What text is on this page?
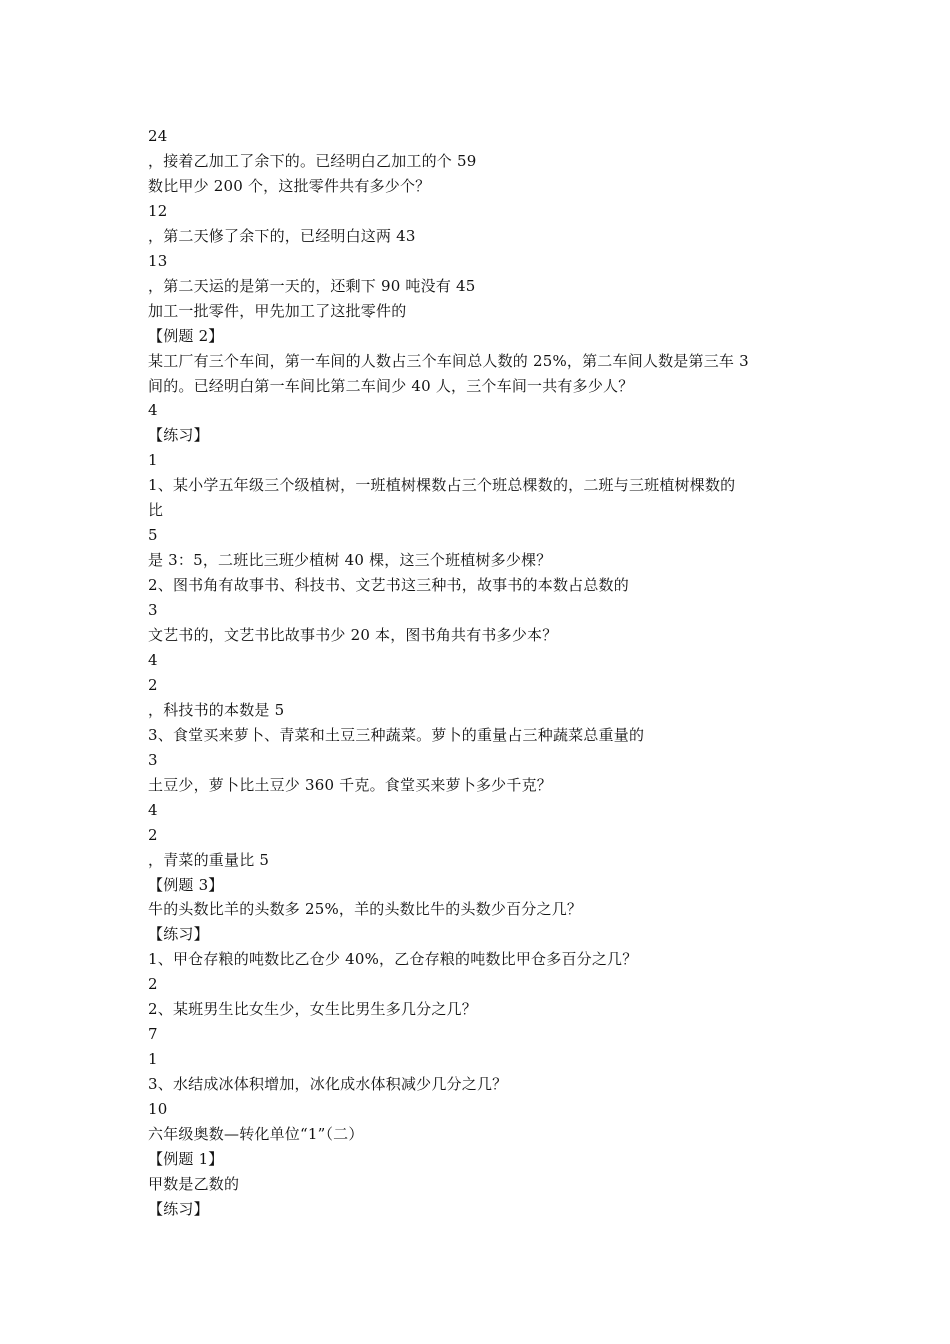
24
，接着乙加工了余下的。已经明白乙加工的个 59
数比甲少 200 个，这批零件共有多少个？
12
，第二天修了余下的，已经明白这两 43
13
，第二天运的是第一天的，还剩下 90 吨没有 45
加工一批零件，甲先加工了这批零件的
【例题 2】
某工厂有三个车间，第一车间的人数占三个车间总人数的 25%，第二车间人数是第三车 3
间的。已经明白第一车间比第二车间少 40 人，三个车间一共有多少人？
4
【练习】
1
1、某小学五年级三个级植树，一班植树棵数占三个班总棵数的，二班与三班植树棵数的
比
5
是 3：5，二班比三班少植树 40 棵，这三个班植树多少棵？
2、图书角有故事书、科技书、文艺书这三种书，故事书的本数占总数的
3
文艺书的，文艺书比故事书少 20 本，图书角共有书多少本？
4
2
，科技书的本数是 5
3、食堂买来萝卜、青菜和土豆三种蔬菜。萝卜的重量占三种蔬菜总重量的
3
土豆少，萝卜比土豆少 360 千克。食堂买来萝卜多少千克？
4
2
，青菜的重量比 5
【例题 3】
牛的头数比羊的头数多 25%，羊的头数比牛的头数少百分之几？
【练习】
1、甲仓存粮的吨数比乙仓少 40%，乙仓存粮的吨数比甲仓多百分之几？
2
2、某班男生比女生少，女生比男生多几分之几？
7
1
3、水结成冰体积增加，冰化成水体积减少几分之几？
10
六年级奥数—转化单位“1”（二）
【例题 1】
甲数是乙数的
【练习】
